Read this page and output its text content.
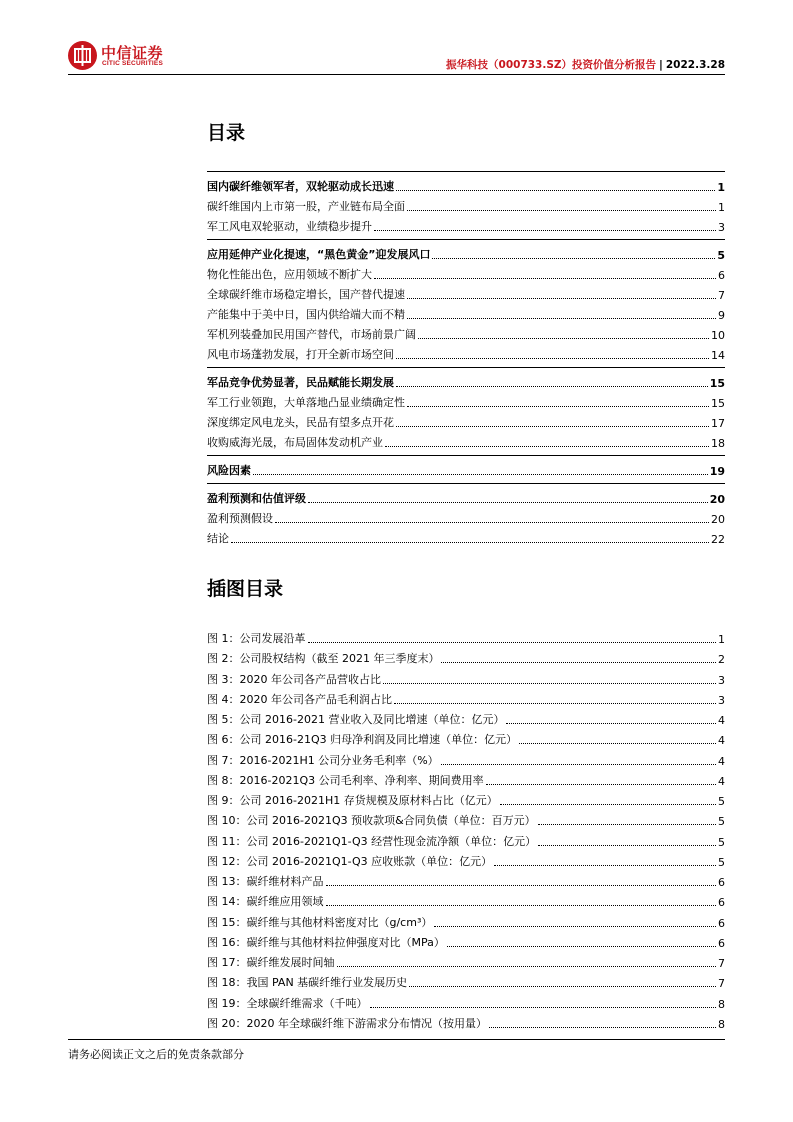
中信证券
CITIC SECURITIES	振华科技（000733.SZ）投资价值分析报告 | 2022.3.28
目录
国内碳纤维领军者，双轮驱动成长迅速	1
碳纤维国内上市第一股，产业链布局全面	1
军工风电双轮驱动，业绩稳步提升	3
应用延伸产业化提速，“黑色黄金”迎发展风口	5
物化性能出色，应用领域不断扩大	6
全球碳纤维市场稳定增长，国产替代提速	7
产能集中于美中日，国内供给端大而不精	9
军机列装叠加民用国产替代，市场前景广阔	10
风电市场蓬勃发展，打开全新市场空间	14
军品竞争优势显著，民品赋能长期发展	15
军工行业领跑，大单落地凸显业绩确定性	15
深度绑定风电龙头，民品有望多点开花	17
收购威海光晟，布局固体发动机产业	18
风险因素	19
盈利预测和估值评级	20
盈利预测假设	20
结论	22
插图目录
图 1：公司发展沿革	1
图 2：公司股权结构（截至 2021 年三季度末）	2
图 3：2020 年公司各产品营收占比	3
图 4：2020 年公司各产品毛利润占比	3
图 5：公司 2016-2021 营业收入及同比增速（单位：亿元）	4
图 6：公司 2016-21Q3 归母净利润及同比增速（单位：亿元）	4
图 7：2016-2021H1 公司分业务毛利率（%）	4
图 8：2016-2021Q3 公司毛利率、净利率、期间费用率	4
图 9：公司 2016-2021H1 存货规模及原材料占比（亿元）	5
图 10：公司 2016-2021Q3 预收款项&合同负债（单位：百万元）	5
图 11：公司 2016-2021Q1-Q3 经营性现金流净额（单位：亿元）	5
图 12：公司 2016-2021Q1-Q3 应收账款（单位：亿元）	5
图 13：碳纤维材料产品	6
图 14：碳纤维应用领域	6
图 15：碳纤维与其他材料密度对比（g/cm³）	6
图 16：碳纤维与其他材料拉伸强度对比（MPa）	6
图 17：碳纤维发展时间轴	7
图 18：我国 PAN 基碳纤维行业发展历史	7
图 19：全球碳纤维需求（千吨）	8
图 20：2020 年全球碳纤维下游需求分布情况（按用量）	8
请务必阅读正文之后的免责条款部分
